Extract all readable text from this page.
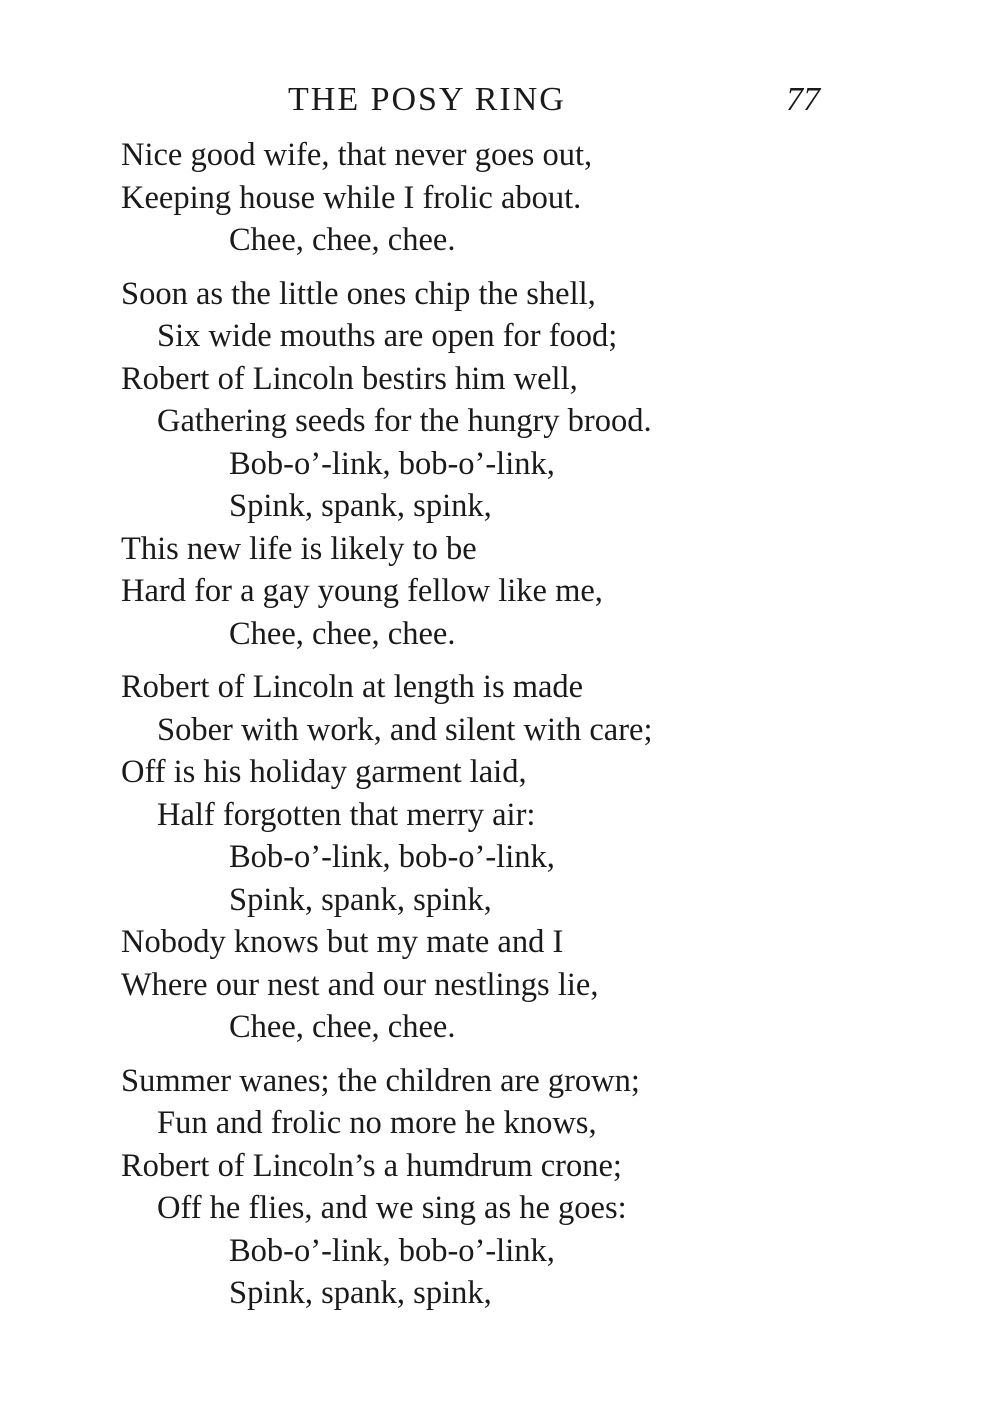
THE POSY RING	77
Nice good wife, that never goes out,
Keeping house while I frolic about.
Chee, chee, chee.
Soon as the little ones chip the shell,
Six wide mouths are open for food;
Robert of Lincoln bestirs him well,
Gathering seeds for the hungry brood.
Bob-o’-link, bob-o’-link,
Spink, spank, spink,
This new life is likely to be
Hard for a gay young fellow like me,
Chee, chee, chee.
Robert of Lincoln at length is made
Sober with work, and silent with care;
Off is his holiday garment laid,
Half forgotten that merry air:
Bob-o’-link, bob-o’-link,
Spink, spank, spink,
Nobody knows but my mate and I
Where our nest and our nestlings lie,
Chee, chee, chee.
Summer wanes; the children are grown;
Fun and frolic no more he knows,
Robert of Lincoln’s a humdrum crone;
Off he flies, and we sing as he goes:
Bob-o’-link, bob-o’-link,
Spink, spank, spink,
